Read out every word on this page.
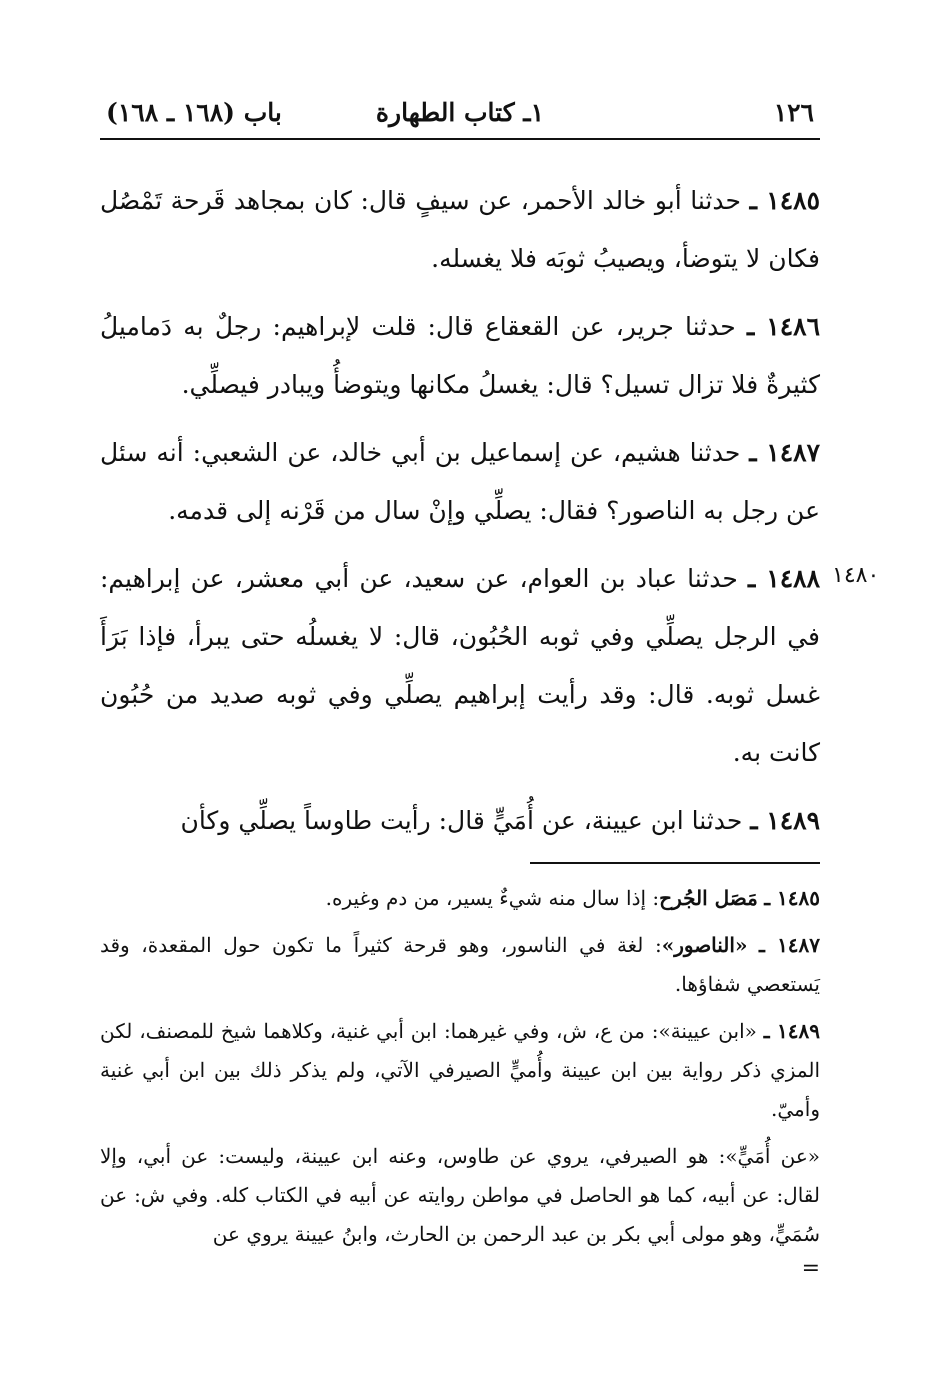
١٢٦
١ـ كتاب الطهارة
باب (١٦٨ ـ ١٦٨)

١٤٨٥ ـ حدثنا أبو خالد الأحمر، عن سيفٍ قال: كان بمجاهد قَرحة تَمْصُل فكان لا يتوضأ، ويصيبُ ثوبَه فلا يغسله.

١٤٨٦ ـ حدثنا جرير، عن القعقاع قال: قلت لإبراهيم: رجلٌ به دَماميلُ كثيرةٌ فلا تزال تسيل؟ قال: يغسلُ مكانها ويتوضأُ ويبادر فيصلِّي.

١٤٨٧ ـ حدثنا هشيم، عن إسماعيل بن أبي خالد، عن الشعبي: أنه سئل عن رجل به الناصور؟ فقال: يصلِّي وإنْ سال من قَرْنه إلى قدمه.

١٤٨٨ ـ حدثنا عباد بن العوام، عن سعيد، عن أبي معشر، عن إبراهيم: في الرجل يصلِّي وفي ثوبه الحُبُون، قال: لا يغسلُه حتى يبرأ، فإذا بَرَأَ غسل ثوبه. قال: وقد رأيت إبراهيم يصلِّي وفي ثوبه صديد من حُبُون كانت به.

١٤٨٩ ـ حدثنا ابن عيينة، عن أُمَيٍّ قال: رأيت طاوساً يصلِّي وكأن

١٤٨٠

١٤٨٥ ـ مَصَل الجُرح: إذا سال منه شيءٌ يسير، من دم وغيره.

١٤٨٧ ـ «الناصور»: لغة في الناسور، وهو قرحة كثيراً ما تكون حول المقعدة، وقد يَستعصي شفاؤها.

١٤٨٩ ـ «ابن عيينة»: من ع، ش، وفي غيرهما: ابن أبي غنية، وكلاهما شيخ للمصنف، لكن المزي ذكر رواية بين ابن عيينة وأُميٍّ الصيرفي الآتي، ولم يذكر ذلك بين ابن أبي غنية وأميّ.

«عن أُمَيٍّ»: هو الصيرفي، يروي عن طاوس، وعنه ابن عيينة، وليست: عن أبي، وإلا لقال: عن أبيه، كما هو الحاصل في مواطن روايته عن أبيه في الكتاب كله. وفي ش: عن سُمَيٍّ، وهو مولى أبي بكر بن عبد الرحمن بن الحارث، وابنُ عيينة يروي عن

=
